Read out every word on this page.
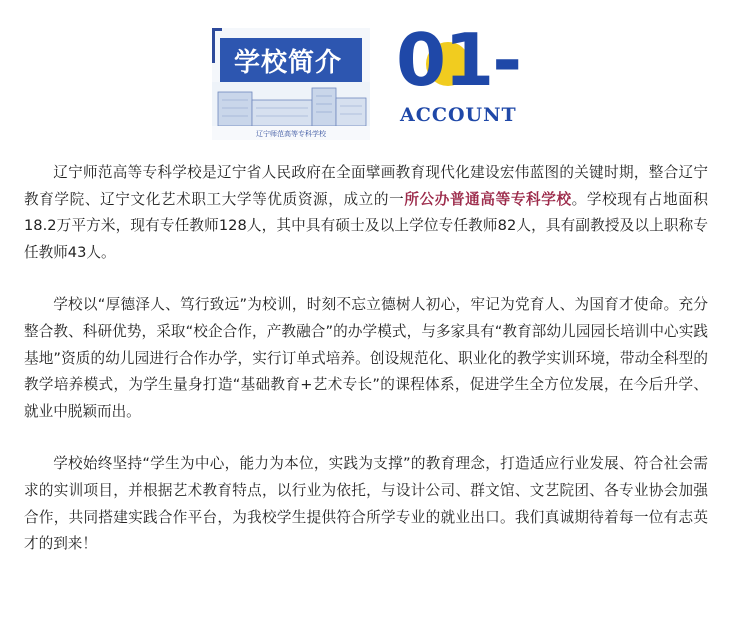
学校简介
辽宁师范高等专科学校
01-
ACCOUNT

辽宁师范高等专科学校是辽宁省人民政府在全面擘画教育现代化建设宏伟蓝图的关键时期，整合辽宁教育学院、辽宁文化艺术职工大学等优质资源，成立的一所公办普通高等专科学校。学校现有占地面积18.2万平方米，现有专任教师128人，其中具有硕士及以上学位专任教师82人，具有副教授及以上职称专任教师43人。

学校以“厚德泽人、笃行致远”为校训，时刻不忘立德树人初心，牢记为党育人、为国育才使命。充分整合教、科研优势，采取“校企合作，产教融合”的办学模式，与多家具有“教育部幼儿园园长培训中心实践基地”资质的幼儿园进行合作办学，实行订单式培养。创设规范化、职业化的教学实训环境，带动全科型的教学培养模式，为学生量身打造“基础教育+艺术专长”的课程体系，促进学生全方位发展，在今后升学、 就业中脱颖而出。

学校始终坚持“学生为中心，能力为本位，实践为支撑”的教育理念，打造适应行业发展、符合社会需求的实训项目，并根据艺术教育特点，以行业为依托，与设计公司、群文馆、文艺院团、各专业协会加强合作，共同搭建实践合作平台，为我校学生提供符合所学专业的就业出口。我们真诚期待着每一位有志英才的到来！
